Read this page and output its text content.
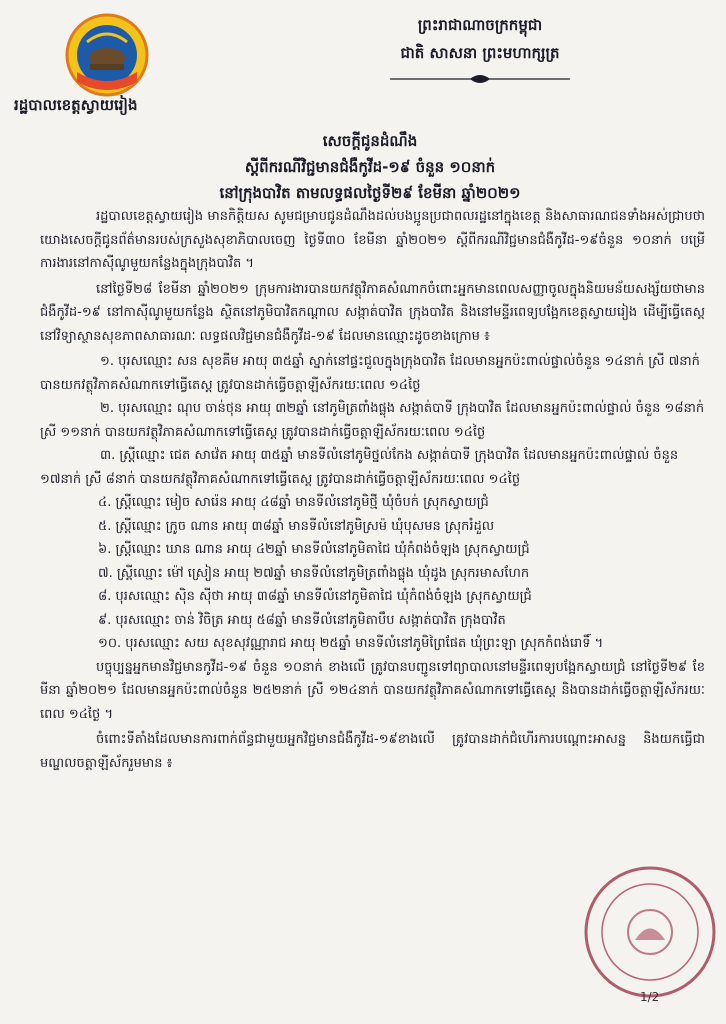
រដ្ឋបាលខេត្តស្វាយរៀង
ព្រះរាជាណាចក្រកម្ពុជា
ជាតិ សាសនា ព្រះមហាក្សត្រ
សេចក្តីជូនដំណឹង
ស្តីពីករណីវិជ្ជមានជំងឺកូវីដ-១៩ ចំនួន ១០នាក់
នៅក្រុងបាវិត តាមលទ្ធផលថ្ងៃទី២៩ ខែមីនា ឆ្នាំ២០២១

រដ្ឋបាលខេត្តស្វាយរៀង មានកិត្តិយស សូមជម្រាបជូនដំណឹងដល់បងប្អូនប្រជាពលរដ្ឋនៅក្នុងខេត្ត និងសាធារណជនទាំងអស់ជ្រាបថា យោងសេចក្តីជូនព័ត៌មានរបស់ក្រសួងសុខាភិបាលចេញ ថ្ងៃទី៣០ ខែមីនា ឆ្នាំ២០២១ ស្តីពីករណីវិជ្ជមានជំងឺកូវីដ-១៩ចំនួន ១០នាក់ បម្រើការងារនៅកាស៊ីណូមួយកន្លែងក្នុងក្រុងបាវិត ។

នៅថ្ងៃទី២៨ ខែមីនា ឆ្នាំ២០២១ ក្រុមការងារបានយកវត្ថុវិភាគសំណាកចំពោះអ្នកមានពេលសញ្ញាចូលក្នុងនិយមន័យសង្ស័យថាមានជំងឺកូវីដ-១៩ នៅកាស៊ីណូមួយកន្លែង ស្ថិតនៅភូមិបាវិតកណ្តាល សង្កាត់បាវិត ក្រុងបាវិត និងនៅមន្ទីរពេទ្យបង្អែកខេត្តស្វាយរៀង ដើម្បីធ្វើតេស្តនៅវិទ្យាស្ថានសុខភាពសាធារណៈ លទ្ធផលវិជ្ជមានជំងឺកូវីដ-១៩ ដែលមានឈ្មោះដូចខាងក្រោម ៖

១. បុរសឈ្មោះ សន សុខគីម អាយុ ៣៥ឆ្នាំ ស្នាក់នៅផ្ទះជួលក្នុងក្រុងបាវិត ដែលមានអ្នកប៉ះពាល់ផ្ទាល់ចំនួន ១៤នាក់ ស្រី ៧នាក់ បានយកវត្ថុវិភាគសំណាកទៅធ្វើតេស្ត ត្រូវបានដាក់ធ្វើចត្តាឡីស័ករយៈពេល ១៤ថ្ងៃ

២. បុរសឈ្មោះ ណុប ចាន់ថុន អាយុ ៣២ឆ្នាំ នៅភូមិត្រពាំងផ្លុង សង្កាត់បាទី ក្រុងបាវិត ដែលមានអ្នកប៉ះពាល់ផ្ទាល់ ចំនួន ១៨នាក់ ស្រី ១១នាក់ បានយកវត្ថុវិភាគសំណាកទៅធ្វើតេស្ត ត្រូវបានដាក់ធ្វើចត្តាឡីស័ករយៈពេល ១៤ថ្ងៃ

៣. ស្ត្រីឈ្មោះ ជេត សាវ៉េត អាយុ ៣៥ឆ្នាំ មានទីលំនៅភូមិថ្នល់កែង សង្កាត់បាទី ក្រុងបាវិត ដែលមានអ្នកប៉ះពាល់ផ្ទាល់ ចំនួន ១៧នាក់ ស្រី ៨នាក់ បានយកវត្ថុវិភាគសំណាកទៅធ្វើតេស្ត ត្រូវបានដាក់ធ្វើចត្តាឡីស័ករយៈពេល ១៤ថ្ងៃ

៤. ស្ត្រីឈ្មោះ មៀច សារ៉េន អាយុ ៤៨ឆ្នាំ មានទីលំនៅភូមិថ្មី ឃុំចំបក់ ស្រុកស្វាយជ្រំ

៥. ស្ត្រីឈ្មោះ ក្រូច ណាន អាយុ ៣៨ឆ្នាំ មានទីលំនៅភូមិស្រម៉ ឃុំបុសមន ស្រុករំដួល

៦. ស្ត្រីឈ្មោះ ឃាន ណាន អាយុ ៤២ឆ្នាំ មានទីលំនៅភូមិតាជៃ ឃុំកំពង់ចំឡង ស្រុកស្វាយជ្រំ

៧. ស្ត្រីឈ្មោះ ម៉ៅ ស្រៀន អាយុ ២៧ឆ្នាំ មានទីលំនៅភូមិត្រពាំងផ្លុង ឃុំដូង ស្រុករមាសហែក

៨. បុរសឈ្មោះ ស៊ិន ស៊ីថា អាយុ ៣៨ឆ្នាំ មានទីលំនៅភូមិតាជៃ ឃុំកំពង់ចំឡង ស្រុកស្វាយជ្រំ

៩. បុរសឈ្មោះ ចាន់ វិចិត្រ អាយុ ៥៨ឆ្នាំ មានទីលំនៅភូមិតាបឹប សង្កាត់បាវិត ក្រុងបាវិត

១០. បុរសឈ្មោះ សយ សុខសុវណ្ណារាជ អាយុ ២៥ឆ្នាំ មានទីលំនៅភូមិព្រៃផែត ឃុំព្រះឡា ស្រុកកំពង់រោទិ៍ ។

បច្ចុប្បន្នអ្នកមានវិជ្ជមានកូវីដ-១៩ ចំនួន ១០នាក់ ខាងលើ ត្រូវបានបញ្ជូនទៅព្យាបាលនៅមន្ទីរពេទ្យបង្អែកស្វាយជ្រំ នៅថ្ងៃទី២៩ ខែមីនា ឆ្នាំ២០២១ ដែលមានអ្នកប៉ះពាល់ចំនួន ២៥២នាក់ ស្រី ១២៤នាក់ បានយកវត្ថុវិភាគសំណាកទៅធ្វើតេស្ត និងបានដាក់ធ្វើចត្តាឡីស័ករយៈពេល ១៤ថ្ងៃ ។

ចំពោះទីតាំងដែលមានការពាក់ព័ន្ធជាមួយអ្នកវិជ្ជមានជំងឺកូវីដ-១៩ខាងលើ ត្រូវបានដាក់ជំហើរការបណ្តោះអាសន្ន និងយកធ្វើជាមណ្ឌលចត្តាឡីស័ករួមមាន ៖

1/2
